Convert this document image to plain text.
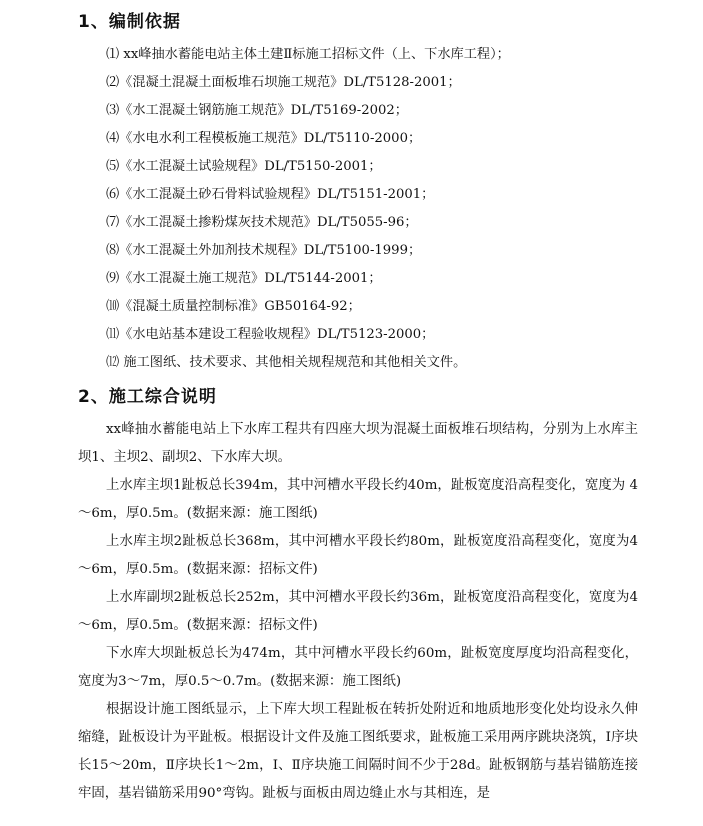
1、编制依据
⑴ xx峰抽水蓄能电站主体土建Ⅱ标施工招标文件（上、下水库工程）；
⑵《混凝土混凝土面板堆石坝施工规范》DL/T5128-2001；
⑶《水工混凝土钢筋施工规范》DL/T5169-2002；
⑷《水电水利工程模板施工规范》DL/T5110-2000；
⑸《水工混凝土试验规程》DL/T5150-2001；
⑹《水工混凝土砂石骨料试验规程》DL/T5151-2001；
⑺《水工混凝土掺粉煤灰技术规范》DL/T5055-96；
⑻《水工混凝土外加剂技术规程》DL/T5100-1999；
⑼《水工混凝土施工规范》DL/T5144-2001；
⑽《混凝土质量控制标准》GB50164-92；
⑾《水电站基本建设工程验收规程》DL/T5123-2000；
⑿ 施工图纸、技术要求、其他相关规程规范和其他相关文件。
2、施工综合说明
xx峰抽水蓄能电站上下水库工程共有四座大坝为混凝土面板堆石坝结构，分别为上水库主坝1、主坝2、副坝2、下水库大坝。
上水库主坝1趾板总长394m，其中河槽水平段长约40m，趾板宽度沿高程变化，宽度为 4～6m，厚0.5m。(数据来源：施工图纸)
上水库主坝2趾板总长368m，其中河槽水平段长约80m，趾板宽度沿高程变化，宽度为4～6m，厚0.5m。(数据来源：招标文件)
上水库副坝2趾板总长252m，其中河槽水平段长约36m，趾板宽度沿高程变化，宽度为4～6m，厚0.5m。(数据来源：招标文件)
下水库大坝趾板总长为474m，其中河槽水平段长约60m，趾板宽度厚度均沿高程变化，宽度为3～7m，厚0.5～0.7m。(数据来源：施工图纸)
根据设计施工图纸显示，上下库大坝工程趾板在转折处附近和地质地形变化处均设永久伸缩缝，趾板设计为平趾板。根据设计文件及施工图纸要求，趾板施工采用两序跳块浇筑，Ⅰ序块长15～20m，Ⅱ序块长1～2m，Ⅰ、Ⅱ序块施工间隔时间不少于28d。趾板钢筋与基岩锚筋连接牢固，基岩锚筋采用90°弯钩。趾板与面板由周边缝止水与其相连，是
